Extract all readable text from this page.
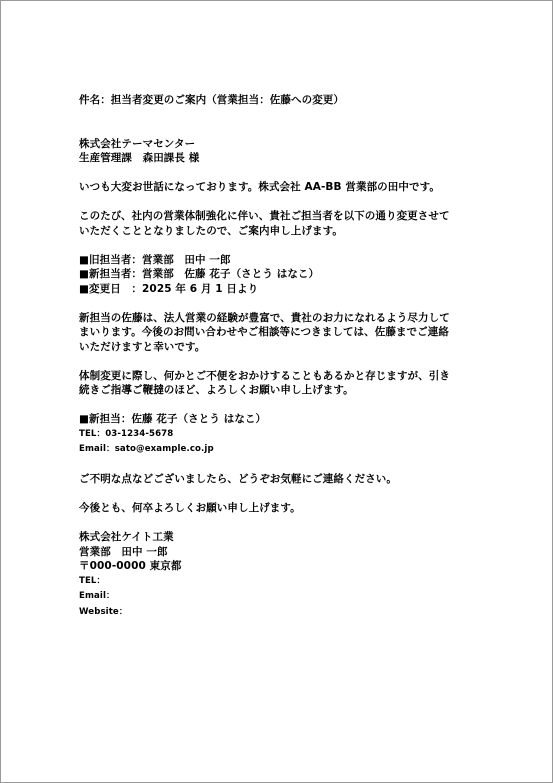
件名：担当者変更のご案内（営業担当：佐藤への変更）
株式会社テーマセンター
生産管理課　森田課長 様
いつも大変お世話になっております。株式会社 AA-BB 営業部の田中です。
このたび、社内の営業体制強化に伴い、貴社ご担当者を以下の通り変更させて
いただくこととなりましたので、ご案内申し上げます。
■旧担当者：営業部　田中 一郎
■新担当者：営業部　佐藤 花子（さとう はなこ）
■変更日　：2025 年 6 月 1 日より
新担当の佐藤は、法人営業の経験が豊富で、貴社のお力になれるよう尽力して
まいります。今後のお問い合わせやご相談等につきましては、佐藤までご連絡
いただけますと幸いです。
体制変更に際し、何かとご不便をおかけすることもあるかと存じますが、引き
続きご指導ご鞭撻のほど、よろしくお願い申し上げます。
■新担当：佐藤 花子（さとう はなこ）
TEL：03-1234-5678
Email：sato@example.co.jp
ご不明な点などございましたら、どうぞお気軽にご連絡ください。
今後とも、何卒よろしくお願い申し上げます。
株式会社ケイト工業
営業部　田中 一郎
〒000-0000 東京都
TEL：
Email：
Website：
